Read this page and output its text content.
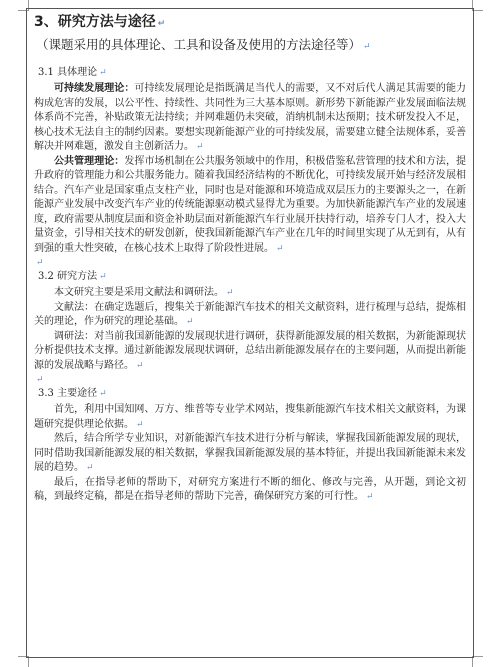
3、研究方法与途径 ↵
（课题采用的具体理论、工具和设备及使用的方法途径等） ↵
3.1 具体理论 ↵

可持续发展理论：可持续发展理论是指既满足当代人的需要，又不对后代人满足其需要的能力构成危害的发展，以公平性、持续性、共同性为三大基本原则。新形势下新能源产业发展面临法规体系尚不完善，补贴政策无法持续；并网难题仍未突破，消纳机制未达预期；技术研发投入不足，核心技术无法自主的制约因素。要想实现新能源产业的可持续发展，需要建立健全法规体系，妥善解决并网难题，激发自主创新活力。 ↵

公共管理理论：发挥市场机制在公共服务领域中的作用，积极借鉴私营管理的技术和方法，提升政府的管理能力和公共服务能力。随着我国经济结构的不断优化，可持续发展开始与经济发展相结合。汽车产业是国家重点支柱产业，同时也是对能源和环境造成双层压力的主要源头之一，在新能源产业发展中改变汽车产业的传统能源驱动模式显得尤为重要。为加快新能源汽车产业的发展速度，政府需要从制度层面和资金补助层面对新能源汽车行业展开扶持行动，培养专门人才，投入大量资金，引导相关技术的研发创新，使我国新能源汽车产业在几年的时间里实现了从无到有，从有到强的重大性突破，在核心技术上取得了阶段性进展。 ↵

↵
3.2 研究方法 ↵

本文研究主要是采用文献法和调研法。 ↵

文献法：在确定选题后，搜集关于新能源汽车技术的相关文献资料，进行梳理与总结，提炼相关的理论，作为研究的理论基础。 ↵

调研法：对当前我国新能源的发展现状进行调研，获得新能源发展的相关数据，为新能源现状分析提供技术支撑。通过新能源发展现状调研，总结出新能源发展存在的主要问题，从而提出新能源的发展战略与路径。 ↵

↵
3.3 主要途径 ↵

首先，利用中国知网、万方、维普等专业学术网站，搜集新能源汽车技术相关文献资料，为课题研究提供理论依据。 ↵

然后，结合所学专业知识，对新能源汽车技术进行分析与解读，掌握我国新能源发展的现状，同时借助我国新能源发展的相关数据，掌握我国新能源发展的基本特征，并提出我国新能源未来发展的趋势。 ↵

最后，在指导老师的帮助下，对研究方案进行不断的细化、修改与完善，从开题，到论文初稿，到最终定稿，都是在指导老师的帮助下完善，确保研究方案的可行性。 ↵
